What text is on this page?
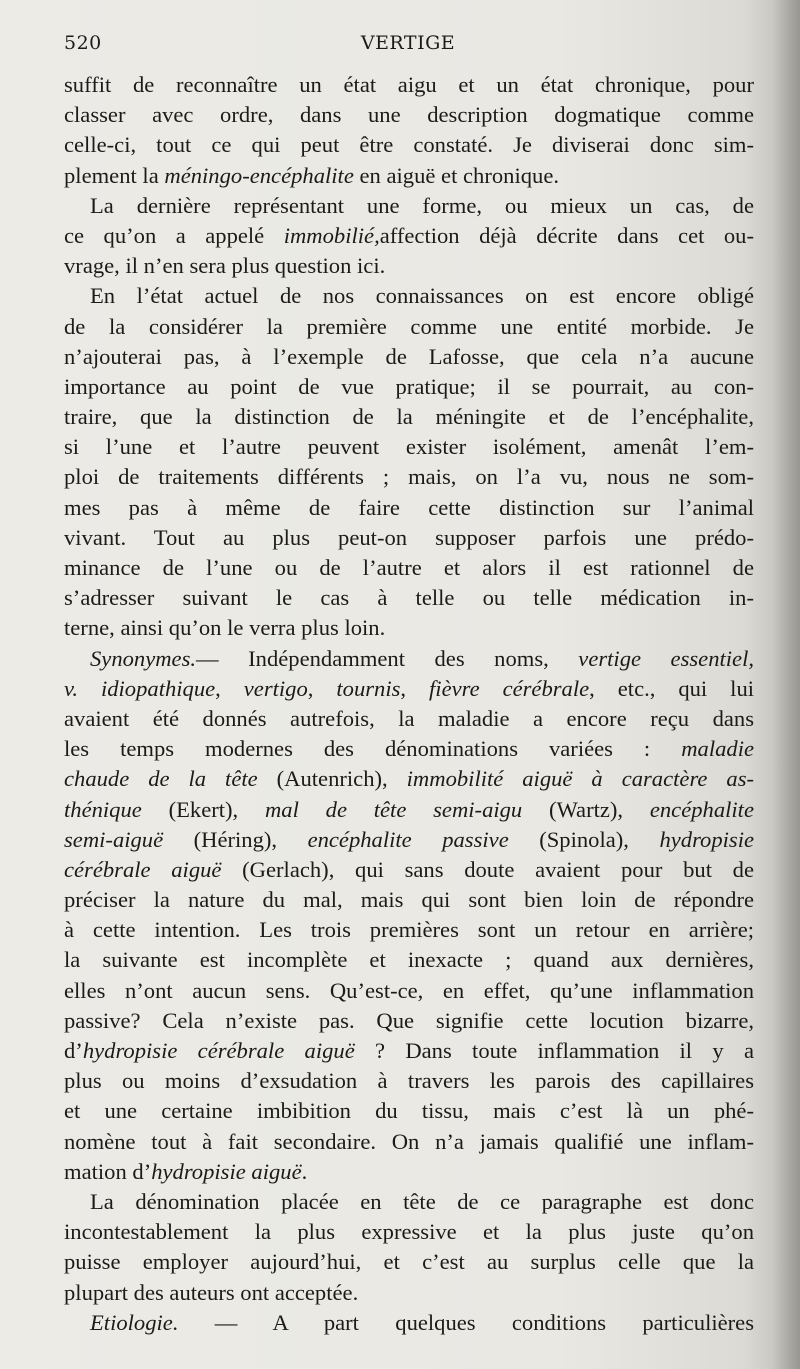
520	VERTIGE
suffit de reconnaître un état aigu et un état chronique, pour
classer avec ordre, dans une description dogmatique comme
celle-ci, tout ce qui peut être constaté. Je diviserai donc sim-
plement la méningo-encéphalite en aiguë et chronique.
La dernière représentant une forme, ou mieux un cas, de
ce qu’on a appelé immobilié,affection déjà décrite dans cet ou-
vrage, il n’en sera plus question ici.
En l’état actuel de nos connaissances on est encore obligé
de la considérer la première comme une entité morbide. Je
n’ajouterai pas, à l’exemple de Lafosse, que cela n’a aucune
importance au point de vue pratique; il se pourrait, au con-
traire, que la distinction de la méningite et de l’encéphalite,
si l’une et l’autre peuvent exister isolément, amenât l’em-
ploi de traitements différents ; mais, on l’a vu, nous ne som-
mes pas à même de faire cette distinction sur l’animal
vivant. Tout au plus peut-on supposer parfois une prédo-
minance de l’une ou de l’autre et alors il est rationnel de
s’adresser suivant le cas à telle ou telle médication in-
terne, ainsi qu’on le verra plus loin.
Synonymes.— Indépendamment des noms, vertige essentiel,
v. idiopathique, vertigo, tournis, fièvre cérébrale, etc., qui lui
avaient été donnés autrefois, la maladie a encore reçu dans
les temps modernes des dénominations variées : maladie
chaude de la tête (Autenrich), immobilité aiguë à caractère as-
thénique (Ekert), mal de tête semi-aigu (Wartz), encéphalite
semi-aiguë (Héring), encéphalite passive (Spinola), hydropisie
cérébrale aiguë (Gerlach), qui sans doute avaient pour but de
préciser la nature du mal, mais qui sont bien loin de répondre
à cette intention. Les trois premières sont un retour en arrière;
la suivante est incomplète et inexacte ; quand aux dernières,
elles n’ont aucun sens. Qu’est-ce, en effet, qu’une inflammation
passive? Cela n’existe pas. Que signifie cette locution bizarre,
d’hydropisie cérébrale aiguë ? Dans toute inflammation il y a
plus ou moins d’exsudation à travers les parois des capillaires
et une certaine imbibition du tissu, mais c’est là un phé-
nomène tout à fait secondaire. On n’a jamais qualifié une inflam-
mation d’hydropisie aiguë.
La dénomination placée en tête de ce paragraphe est donc
incontestablement la plus expressive et la plus juste qu’on
puisse employer aujourd’hui, et c’est au surplus celle que la
plupart des auteurs ont acceptée.
Etiologie. — A part quelques conditions particulières
